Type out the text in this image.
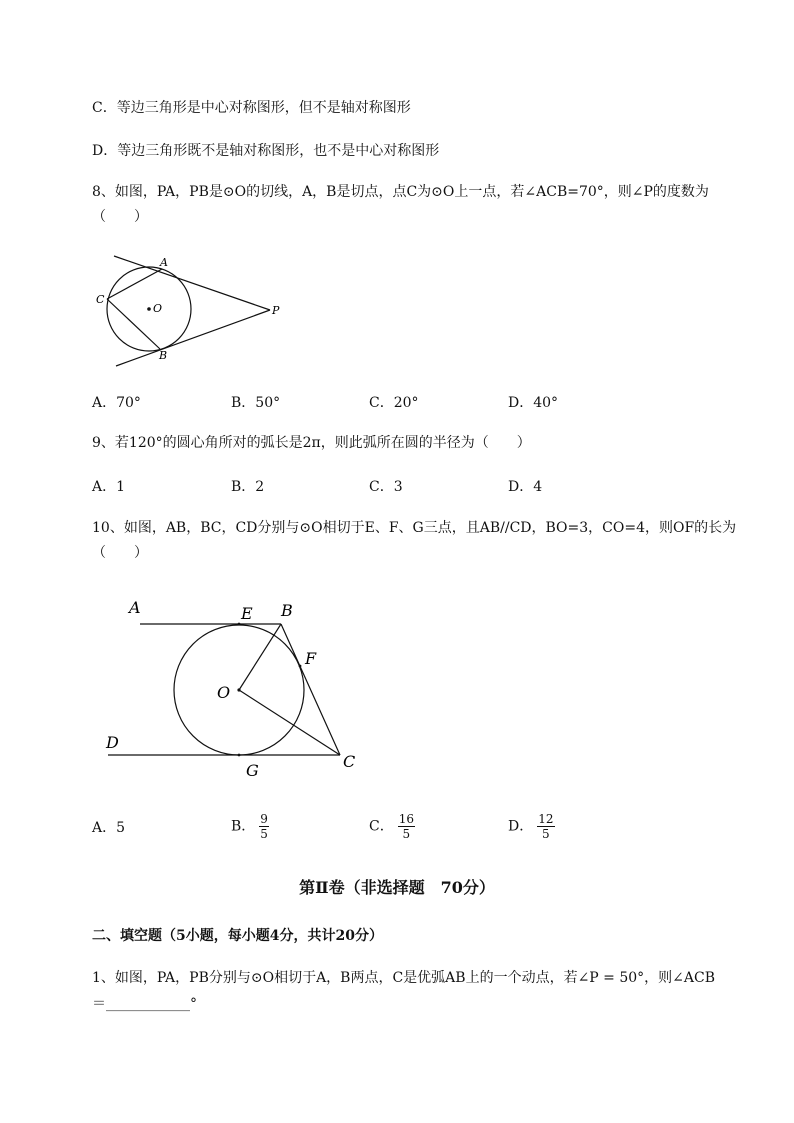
C．等边三角形是中心对称图形，但不是轴对称图形
D．等边三角形既不是轴对称图形，也不是中心对称图形
8、如图，PA，PB是⊙O的切线，A，B是切点，点C为⊙O上一点，若∠ACB=70°，则∠P的度数为
（　　）
A
B
C
O	P
A．70°	B．50°	C．20°	D．40°
9、若120°的圆心角所对的弧长是2π，则此弧所在圆的半径为（　　）
A．1	B．2	C．3	D．4
10、如图，AB，BC，CD分别与⊙O相切于E、F、G三点，且AB//CD，BO=3，CO=4，则OF的长为
（　　）
A	E B
F
O
D
G	C
A．5	B． $\frac{9}{5}$	C． $\frac{16}{5}$	D． $\frac{12}{5}$
第Ⅱ卷（非选择题　70分）
二、填空题（5小题，每小题4分，共计20分）
1、如图，PA，PB分别与⊙O相切于A，B两点，C是优弧AB上的一个动点，若∠P = 50°，则∠ACB
＝____________°
